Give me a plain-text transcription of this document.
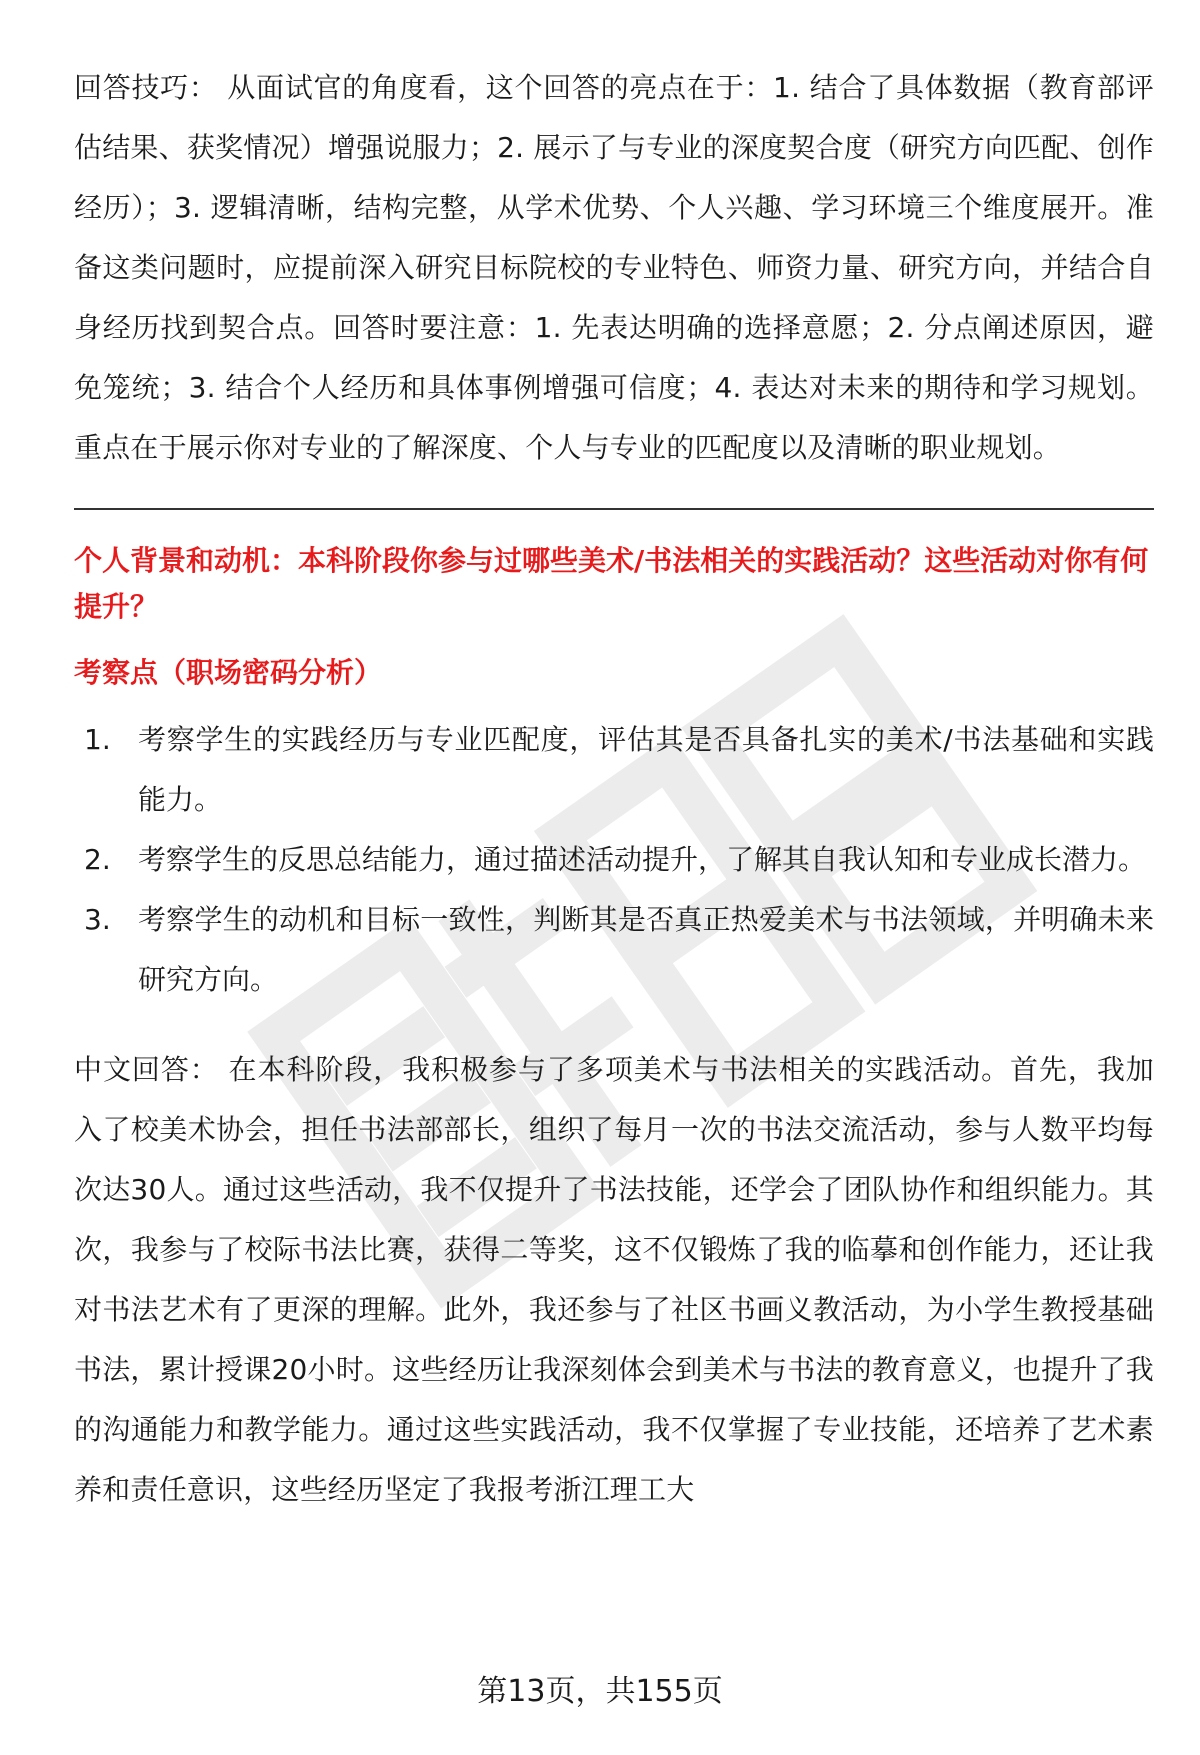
回答技巧： 从面试官的角度看，这个回答的亮点在于：1. 结合了具体数据（教育部评估结果、获奖情况）增强说服力；2. 展示了与专业的深度契合度（研究方向匹配、创作经历）；3. 逻辑清晰，结构完整，从学术优势、个人兴趣、学习环境三个维度展开。准备这类问题时，应提前深入研究目标院校的专业特色、师资力量、研究方向，并结合自身经历找到契合点。回答时要注意：1. 先表达明确的选择意愿；2. 分点阐述原因，避免笼统；3. 结合个人经历和具体事例增强可信度；4. 表达对未来的期待和学习规划。重点在于展示你对专业的了解深度、个人与专业的匹配度以及清晰的职业规划。

个人背景和动机：本科阶段你参与过哪些美术/书法相关的实践活动？这些活动对你有何提升？

考察点（职场密码分析）

1. 考察学生的实践经历与专业匹配度，评估其是否具备扎实的美术/书法基础和实践能力。
2. 考察学生的反思总结能力，通过描述活动提升，了解其自我认知和专业成长潜力。
3. 考察学生的动机和目标一致性，判断其是否真正热爱美术与书法领域，并明确未来研究方向。

中文回答： 在本科阶段，我积极参与了多项美术与书法相关的实践活动。首先，我加入了校美术协会，担任书法部部长，组织了每月一次的书法交流活动，参与人数平均每次达30人。通过这些活动，我不仅提升了书法技能，还学会了团队协作和组织能力。其次，我参与了校际书法比赛，获得二等奖，这不仅锻炼了我的临摹和创作能力，还让我对书法艺术有了更深的理解。此外，我还参与了社区书画义教活动，为小学生教授基础书法，累计授课20小时。这些经历让我深刻体会到美术与书法的教育意义，也提升了我的沟通能力和教学能力。通过这些实践活动，我不仅掌握了专业技能，还培养了艺术素养和责任意识，这些经历坚定了我报考浙江理工大

第13页，共155页
